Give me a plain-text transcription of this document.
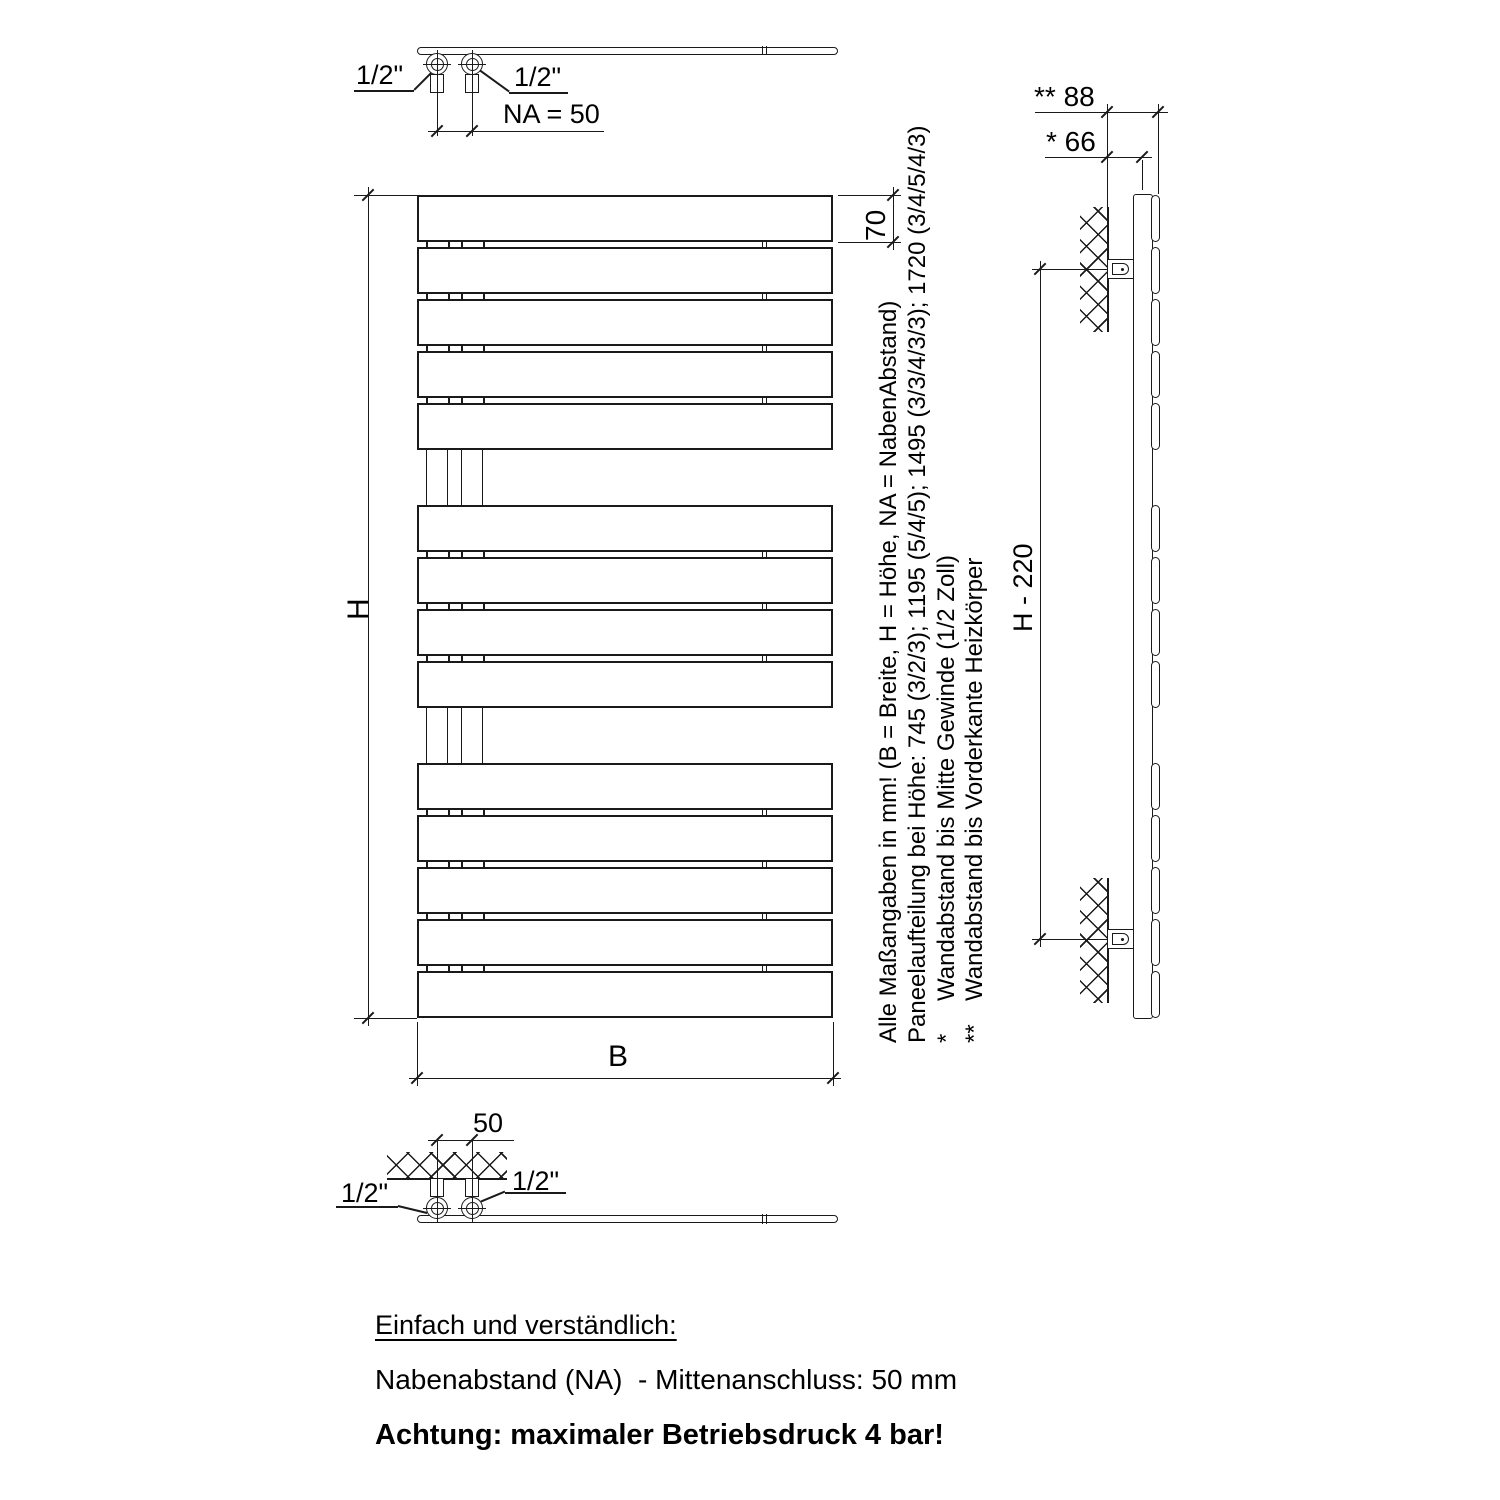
1/2"	1/2"
NA = 50
H
B
70
** 88
* 66
H - 220
50
1/2"	1/2"
Alle Maßangaben in mm! (B = Breite, H = Höhe, NA = NabenAbstand) Paneelaufteilung bei Höhe: 745 (3/2/3); 1195 (5/4/5); 1495 (3/3/4/3/3); 1720 (3/4/5/4/3) *Wandabstand bis Mitte Gewinde (1/2 Zoll)
**Wandabstand bis Vorderkante Heizkörper
Einfach und verständlich:
Nabenabstand (NA)  - Mittenanschluss: 50 mm
Achtung: maximaler Betriebsdruck 4 bar!
